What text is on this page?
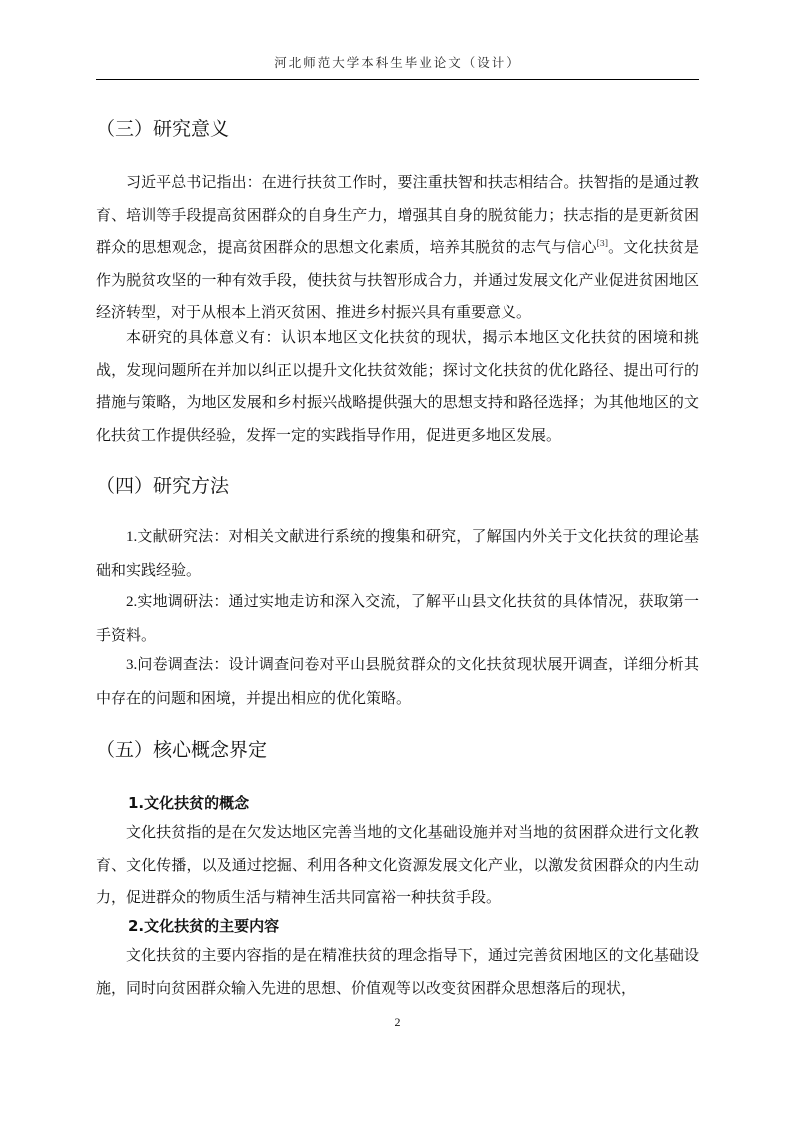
河北师范大学本科生毕业论文（设计）
（三）研究意义

习近平总书记指出：在进行扶贫工作时，要注重扶智和扶志相结合。扶智指的是通过教育、培训等手段提高贫困群众的自身生产力，增强其自身的脱贫能力；扶志指的是更新贫困群众的思想观念，提高贫困群众的思想文化素质，培养其脱贫的志气与信心[3]。文化扶贫是作为脱贫攻坚的一种有效手段，使扶贫与扶智形成合力，并通过发展文化产业促进贫困地区经济转型，对于从根本上消灭贫困、推进乡村振兴具有重要意义。

本研究的具体意义有：认识本地区文化扶贫的现状，揭示本地区文化扶贫的困境和挑战，发现问题所在并加以纠正以提升文化扶贫效能；探讨文化扶贫的优化路径、提出可行的措施与策略，为地区发展和乡村振兴战略提供强大的思想支持和路径选择；为其他地区的文化扶贫工作提供经验，发挥一定的实践指导作用，促进更多地区发展。

（四）研究方法

1.文献研究法：对相关文献进行系统的搜集和研究，了解国内外关于文化扶贫的理论基础和实践经验。

2.实地调研法：通过实地走访和深入交流，了解平山县文化扶贫的具体情况，获取第一手资料。

3.问卷调查法：设计调查问卷对平山县脱贫群众的文化扶贫现状展开调查，详细分析其中存在的问题和困境，并提出相应的优化策略。

（五）核心概念界定
1.文化扶贫的概念

文化扶贫指的是在欠发达地区完善当地的文化基础设施并对当地的贫困群众进行文化教育、文化传播，以及通过挖掘、利用各种文化资源发展文化产业，以激发贫困群众的内生动力，促进群众的物质生活与精神生活共同富裕一种扶贫手段。

2.文化扶贫的主要内容

文化扶贫的主要内容指的是在精准扶贫的理念指导下，通过完善贫困地区的文化基础设施，同时向贫困群众输入先进的思想、价值观等以改变贫困群众思想落后的现状，

2
